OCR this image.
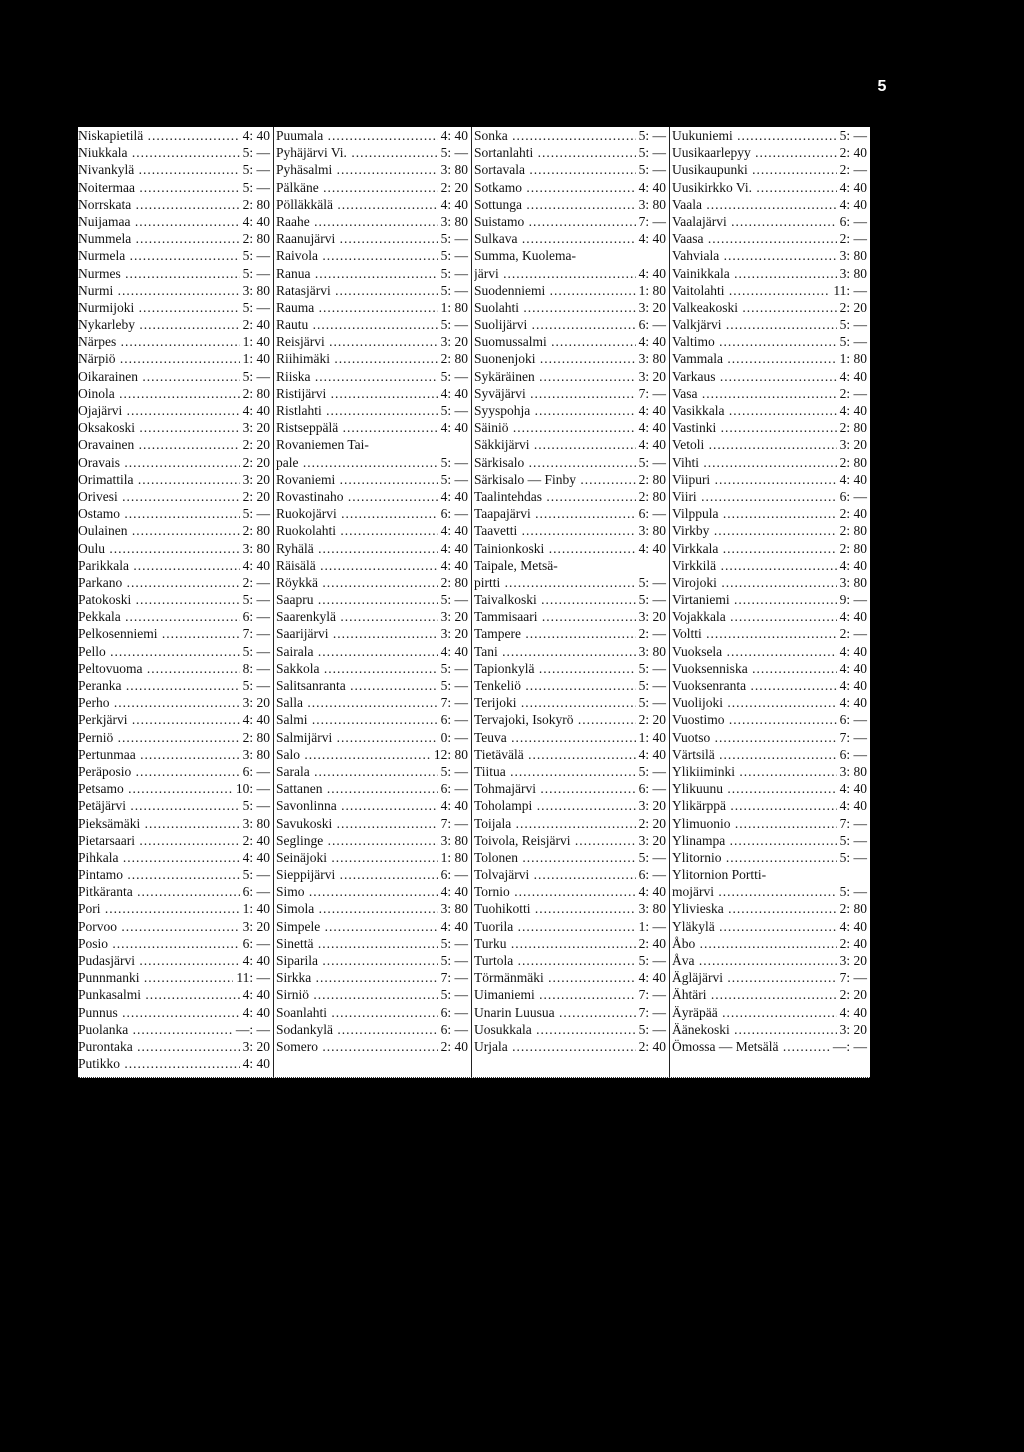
5
Niskapietilä .....	4: 40
Niukkala .....	5: —
Nivankylä .....	5: —
Noitermaa .....	5: —
Norrskata .....	2: 80
Nuijamaa .....	4: 40
Nummela .....	2: 80
Nurmela .....	5: —
Nurmes .....	5: —
Nurmi .....	3: 80
Nurmijoki .....	5: —
Nykarleby .....	2: 40
Närpes .....	1: 40
Närpiö .....	1: 40
Oikarainen .....	5: —
Oinola .....	2: 80
Ojajärvi .....	4: 40
Oksakoski .....	3: 20
Oravainen .....	2: 20
Oravais .....	2: 20
Orimattila .....	3: 20
Orivesi .....	2: 20
Ostamo .....	5: —
Oulainen .....	2: 80
Oulu .....	3: 80
Parikkala .....	4: 40
Parkano .....	2: —
Patokoski .....	5: —
Pekkala .....	6: —
Pelkosenniemi .....	7: —
Pello .....	5: —
Peltovuoma .....	8: —
Peranka .....	5: —
Perho .....	3: 20
Perkjärvi .....	4: 40
Perniö .....	2: 80
Pertunmaa .....	3: 80
Peräposio .....	6: —
Petsamo .....	10: —
Petäjärvi .....	5: —
Pieksämäki .....	3: 80
Pietarsaari .....	2: 40
Pihkala .....	4: 40
Pintamo .....	5: —
Pitkäranta .....	6: —
Pori .....	1: 40
Porvoo .....	3: 20
Posio .....	6: —
Pudasjärvi .....	4: 40
Punnmanki .....	11: —
Punkasalmi .....	4: 40
Punnus .....	4: 40
Puolanka .....	—: —
Purontaka .....	3: 20
Putikko .....	4: 40
Puumala .....	4: 40
Pyhäjärvi Vi. .....	5: —
Pyhäsalmi .....	3: 80
Pälkäne .....	2: 20
Pölläkkälä .....	4: 40
Raahe .....	3: 80
Raanujärvi .....	5: —
Raivola .....	5: —
Ranua .....	5: —
Ratasjärvi .....	5: —
Rauma .....	1: 80
Rautu .....	5: —
Reisjärvi .....	3: 20
Riihimäki .....	2: 80
Riiska .....	5: —
Ristijärvi .....	4: 40
Ristlahti .....	5: —
Ristseppälä .....	4: 40
Rovaniemen Tai-
pale .....	5: —
Rovaniemi .....	5: —
Rovastinaho .....	4: 40
Ruokojärvi .....	6: —
Ruokolahti .....	4: 40
Ryhälä .....	4: 40
Räisälä .....	4: 40
Röykkä .....	2: 80
Saapru .....	5: —
Saarenkylä .....	3: 20
Saarijärvi .....	3: 20
Sairala .....	4: 40
Sakkola .....	5: —
Salitsanranta .....	5: —
Salla .....	7: —
Salmi .....	6: —
Salmijärvi .....	0: —
Salo .....	12: 80
Sarala .....	5: —
Sattanen .....	6: —
Savonlinna .....	4: 40
Savukoski .....	7: —
Seglinge .....	3: 80
Seinäjoki .....	1: 80
Sieppijärvi .....	6: —
Simo .....	4: 40
Simola .....	3: 80
Simpele .....	4: 40
Sinettä .....	5: —
Siparila .....	5: —
Sirkka .....	7: —
Sirniö .....	5: —
Soanlahti .....	6: —
Sodankylä .....	6: —
Somero .....	2: 40
Sonka .....	5: —
Sortanlahti .....	5: —
Sortavala .....	5: —
Sotkamo .....	4: 40
Sottunga .....	3: 80
Suistamo .....	7: —
Sulkava .....	4: 40
Summa, Kuolema-
järvi .....	4: 40
Suodenniemi .....	1: 80
Suolahti .....	3: 20
Suolijärvi .....	6: —
Suomussalmi .....	4: 40
Suonenjoki .....	3: 80
Sykäräinen .....	3: 20
Syväjärvi .....	7: —
Syyspohja .....	4: 40
Säiniö .....	4: 40
Säkkijärvi .....	4: 40
Särkisalo .....	5: —
Särkisalo — Finby .....	2: 80
Taalintehdas .....	2: 80
Taapajärvi .....	6: —
Taavetti .....	3: 80
Tainionkoski .....	4: 40
Taipale, Metsä-
pirtti .....	5: —
Taivalkoski .....	5: —
Tammisaari .....	3: 20
Tampere .....	2: —
Tani .....	3: 80
Tapionkylä .....	5: —
Tenkeliö .....	5: —
Terijoki .....	5: —
Tervajoki, Isokyrö .....	2: 20
Teuva .....	1: 40
Tietävälä .....	4: 40
Tiitua .....	5: —
Tohmajärvi .....	6: —
Toholampi .....	3: 20
Toijala .....	2: 20
Toivola, Reisjärvi .....	3: 20
Tolonen .....	5: —
Tolvajärvi .....	6: —
Tornio .....	4: 40
Tuohikotti .....	3: 80
Tuorila .....	1: —
Turku .....	2: 40
Turtola .....	5: —
Törmänmäki .....	4: 40
Uimaniemi .....	7: —
Unarin Luusua .....	7: —
Uosukkala .....	5: —
Urjala .....	2: 40
Uukuniemi .....	5: —
Uusikaarlepyy .....	2: 40
Uusikaupunki .....	2: —
Uusikirkko Vi. .....	4: 40
Vaala .....	4: 40
Vaalajärvi .....	6: —
Vaasa .....	2: —
Vahviala .....	3: 80
Vainikkala .....	3: 80
Vaitolahti .....	11: —
Valkeakoski .....	2: 20
Valkjärvi .....	5: —
Valtimo .....	5: —
Vammala .....	1: 80
Varkaus .....	4: 40
Vasa .....	2: —
Vasikkala .....	4: 40
Vastinki .....	2: 80
Vetoli .....	3: 20
Vihti .....	2: 80
Viipuri .....	4: 40
Viiri .....	6: —
Vilppula .....	2: 40
Virkby .....	2: 80
Virkkala .....	2: 80
Virkkilä .....	4: 40
Virojoki .....	3: 80
Virtaniemi .....	9: —
Vojakkala .....	4: 40
Voltti .....	2: —
Vuoksela .....	4: 40
Vuoksenniska .....	4: 40
Vuoksenranta .....	4: 40
Vuolijoki .....	4: 40
Vuostimo .....	6: —
Vuotso .....	7: —
Värtsilä .....	6: —
Ylikiiminki .....	3: 80
Ylikuunu .....	4: 40
Ylikärppä .....	4: 40
Ylimuonio .....	7: —
Ylinampa .....	5: —
Ylitornio .....	5: —
Ylitornion Portti-
mojärvi .....	5: —
Ylivieska .....	2: 80
Yläkylä .....	4: 40
Åbo .....	2: 40
Åva .....	3: 20
Ägläjärvi .....	7: —
Ähtäri .....	2: 20
Äyräpää .....	4: 40
Äänekoski .....	3: 20
Ömossa — Metsälä .....	—: —
